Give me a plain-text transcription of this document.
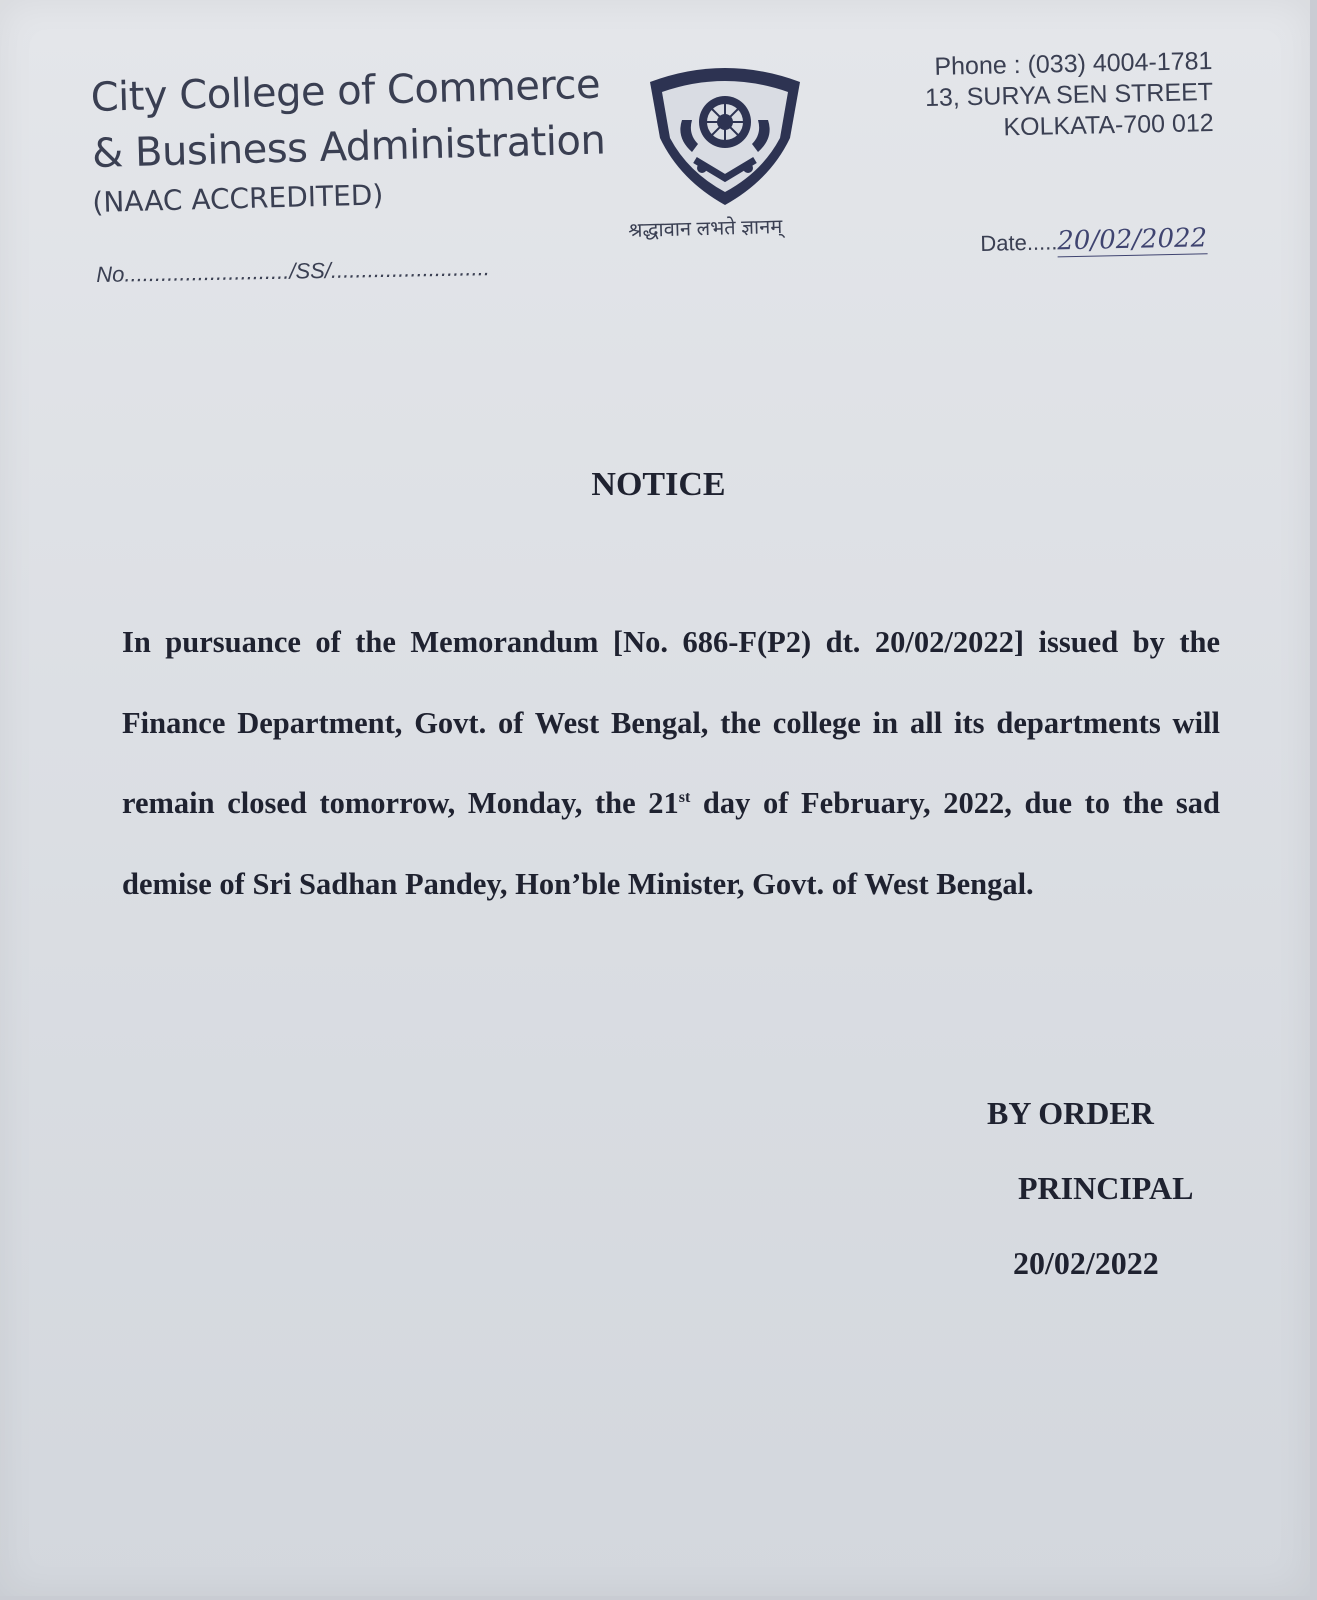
City College of Commerce
& Business Administration
(NAAC ACCREDITED)
No.........................../SS/..........................
श्रद्धावान लभते ज्ञानम्
Phone : (033) 4004-1781
13, SURYA SEN STREET
KOLKATA-700 012
Date.....20/02/2022
NOTICE
In pursuance of the Memorandum [No. 686-F(P2) dt. 20/02/2022] issued by the Finance Department, Govt. of West Bengal, the college in all its departments will remain closed tomorrow, Monday, the 21st day of February, 2022, due to the sad demise of Sri Sadhan Pandey, Hon’ble Minister, Govt. of West Bengal.
BY ORDER
PRINCIPAL
20/02/2022
